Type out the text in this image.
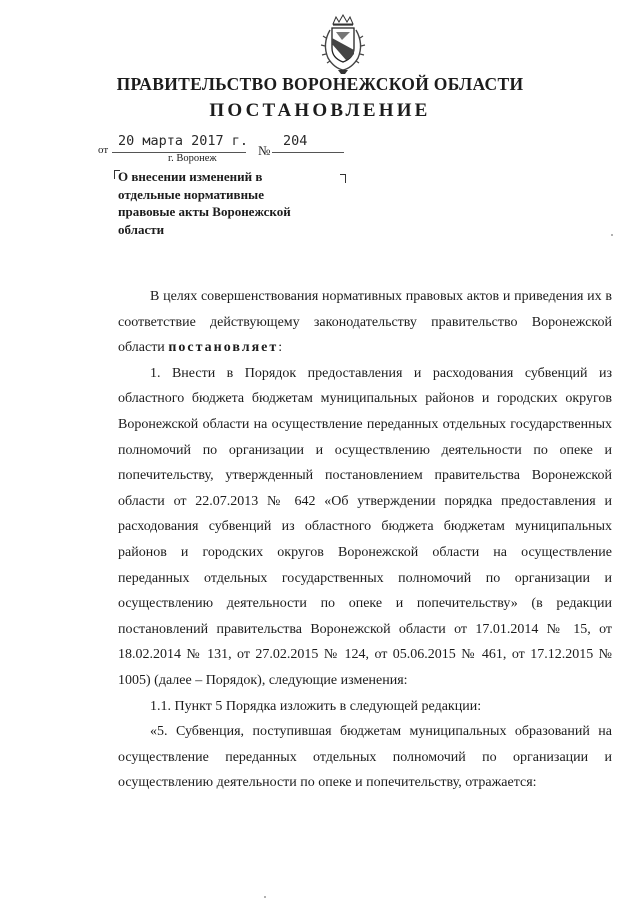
ПРАВИТЕЛЬСТВО ВОРОНЕЖСКОЙ ОБЛАСТИ
ПОСТАНОВЛЕНИЕ
от
20 марта 2017 г.
№
204
г. Воронеж
О внесении изменений в отдельные нормативные правовые акты Воронежской области

В целях совершенствования нормативных правовых актов и приведения их в соответствие действующему законодательству правительство Воронежской области постановляет:

1. Внести в Порядок предоставления и расходования субвенций из областного бюджета бюджетам муниципальных районов и городских округов Воронежской области на осуществление переданных отдельных государственных полномочий по организации и осуществлению деятельности по опеке и попечительству, утвержденный постановлением правительства Воронежской области от 22.07.2013 № 642 «Об утверждении порядка предоставления и расходования субвенций из областного бюджета бюджетам муниципальных районов и городских округов Воронежской области на осуществление переданных отдельных государственных полномочий по организации и осуществлению деятельности по опеке и попечительству» (в редакции постановлений правительства Воронежской области от 17.01.2014 № 15, от 18.02.2014 № 131, от 27.02.2015 № 124, от 05.06.2015 № 461, от 17.12.2015 № 1005) (далее – Порядок), следующие изменения:

1.1. Пункт 5 Порядка изложить в следующей редакции:

«5. Субвенция, поступившая бюджетам муниципальных образований на осуществление переданных отдельных полномочий по организации и осуществлению деятельности по опеке и попечительству, отражается:
